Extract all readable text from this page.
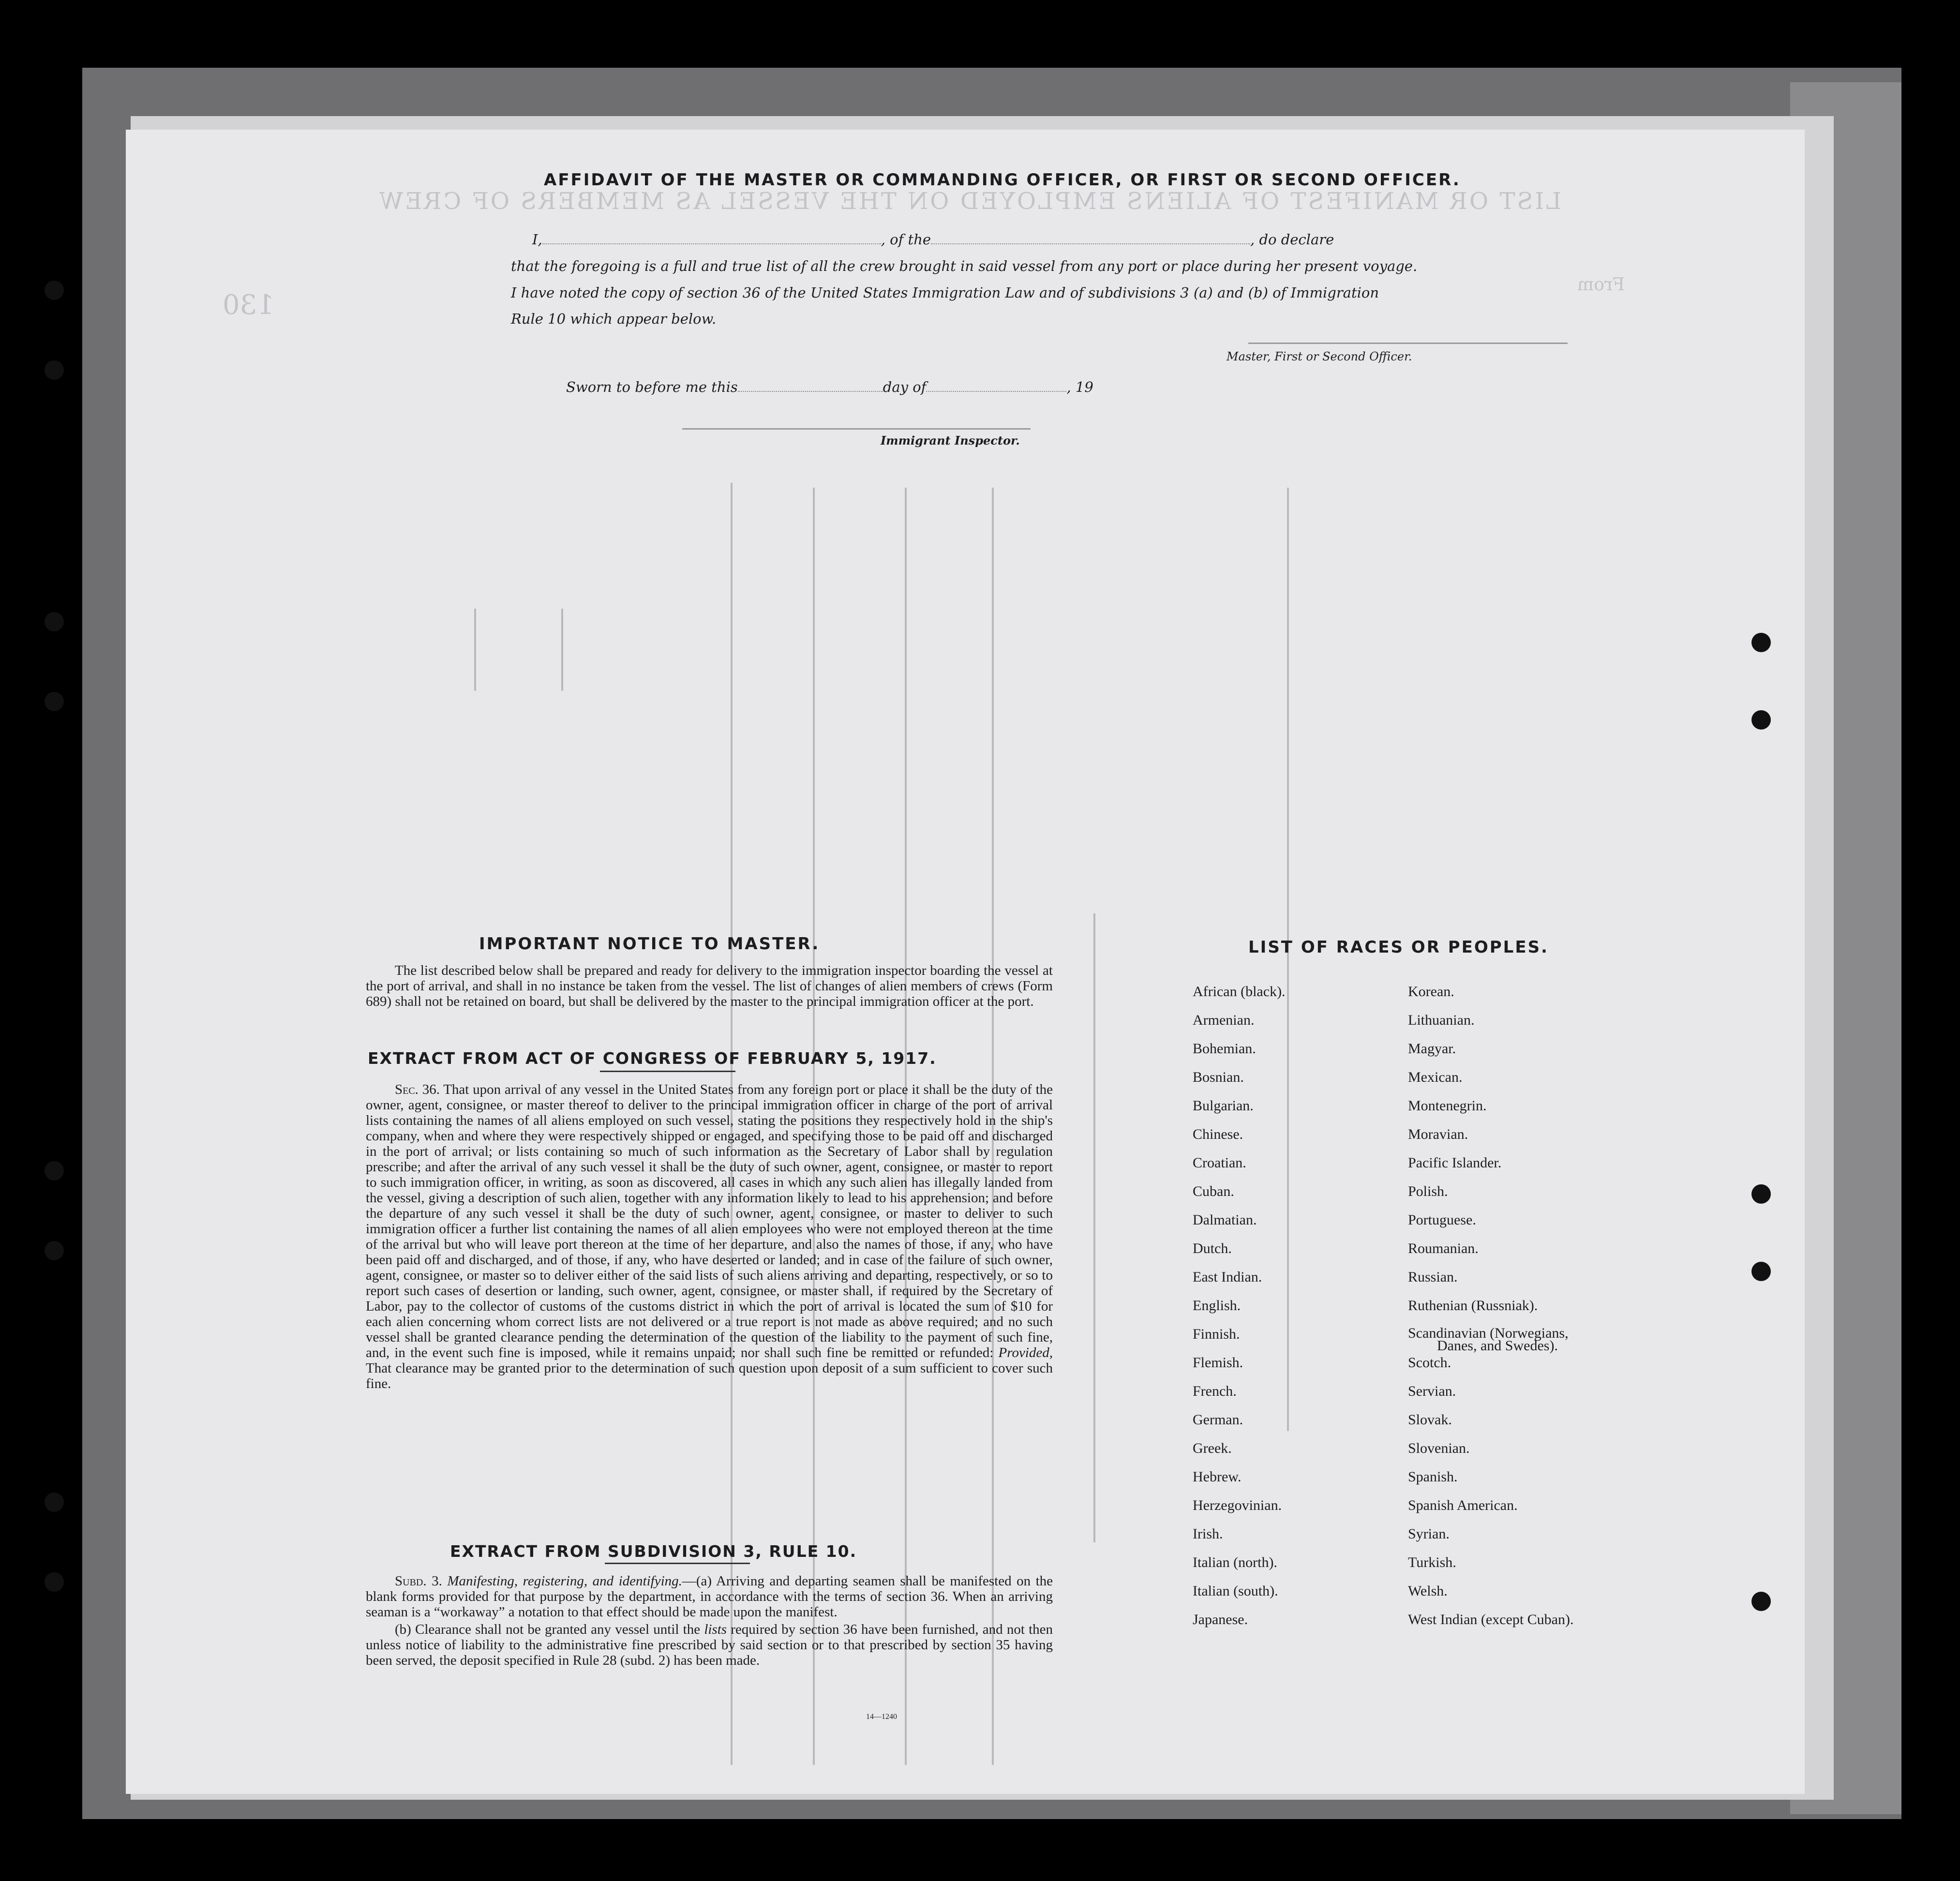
LIST OR MANIFEST OF ALIENS EMPLOYED ON THE VESSEL AS MEMBERS OF CREW
From
130
AFFIDAVIT OF THE MASTER OR COMMANDING OFFICER, OR FIRST OR SECOND OFFICER.
I,	, of the	, do declare
that the foregoing is a full and true list of all the crew brought in said vessel from any port or place during her present voyage.
I have noted the copy of section 36 of the United States Immigration Law and of subdivisions 3 (a) and (b) of Immigration
Rule 10 which appear below.
Master, First or Second Officer.
Sworn to before me this	day of	, 19
Immigrant Inspector.
IMPORTANT NOTICE TO MASTER.

The list described below shall be prepared and ready for delivery to the immigration inspector boarding the vessel at the port of arrival, and shall in no instance be taken from the vessel. The list of changes of alien members of crews (Form 689) shall not be retained on board, but shall be delivered by the master to the principal immigration officer at the port.

EXTRACT FROM ACT OF CONGRESS OF FEBRUARY 5, 1917.

Sec. 36. That upon arrival of any vessel in the United States from any foreign port or place it shall be the duty of the owner, agent, consignee, or master thereof to deliver to the principal immigration officer in charge of the port of arrival lists containing the names of all aliens employed on such vessel, stating the positions they respectively hold in the ship's company, when and where they were respectively shipped or engaged, and specifying those to be paid off and discharged in the port of arrival; or lists containing so much of such information as the Secretary of Labor shall by regulation prescribe; and after the arrival of any such vessel it shall be the duty of such owner, agent, consignee, or master to report to such immigration officer, in writing, as soon as discovered, all cases in which any such alien has illegally landed from the vessel, giving a description of such alien, together with any information likely to lead to his apprehension; and before the departure of any such vessel it shall be the duty of such owner, agent, consignee, or master to deliver to such immigration officer a further list containing the names of all alien employees who were not employed thereon at the time of the arrival but who will leave port thereon at the time of her departure, and also the names of those, if any, who have been paid off and discharged, and of those, if any, who have deserted or landed; and in case of the failure of such owner, agent, consignee, or master so to deliver either of the said lists of such aliens arriving and departing, respectively, or so to report such cases of desertion or landing, such owner, agent, consignee, or master shall, if required by the Secretary of Labor, pay to the collector of customs of the customs district in which the port of arrival is located the sum of $10 for each alien concerning whom correct lists are not delivered or a true report is not made as above required; and no such vessel shall be granted clearance pending the determination of the question of the liability to the payment of such fine, and, in the event such fine is imposed, while it remains unpaid; nor shall such fine be remitted or refunded: Provided, That clearance may be granted prior to the determination of such question upon deposit of a sum sufficient to cover such fine.

EXTRACT FROM SUBDIVISION 3, RULE 10.

Subd. 3. Manifesting, registering, and identifying.—(a) Arriving and departing seamen shall be manifested on the blank forms provided for that purpose by the department, in accordance with the terms of section 36. When an arriving seaman is a “workaway” a notation to that effect should be made upon the manifest.

(b) Clearance shall not be granted any vessel until the lists required by section 36 have been furnished, and not then unless notice of liability to the administrative fine prescribed by said section or to that prescribed by section 35 having been served, the deposit specified in Rule 28 (subd. 2) has been made.

14—1240
LIST OF RACES OR PEOPLES.
African (black).
Armenian.
Bohemian.
Bosnian.
Bulgarian.
Chinese.
Croatian.
Cuban.
Dalmatian.
Dutch.
East Indian.
English.
Finnish.
Flemish.
French.
German.
Greek.
Hebrew.
Herzegovinian.
Irish.
Italian (north).
Italian (south).
Japanese.
Korean.
Lithuanian.
Magyar.
Mexican.
Montenegrin.
Moravian.
Pacific Islander.
Polish.
Portuguese.
Roumanian.
Russian.
Ruthenian (Russniak).
Scandinavian (Norwegians,
Danes, and Swedes).
Scotch.
Servian.
Slovak.
Slovenian.
Spanish.
Spanish American.
Syrian.
Turkish.
Welsh.
West Indian (except Cuban).
